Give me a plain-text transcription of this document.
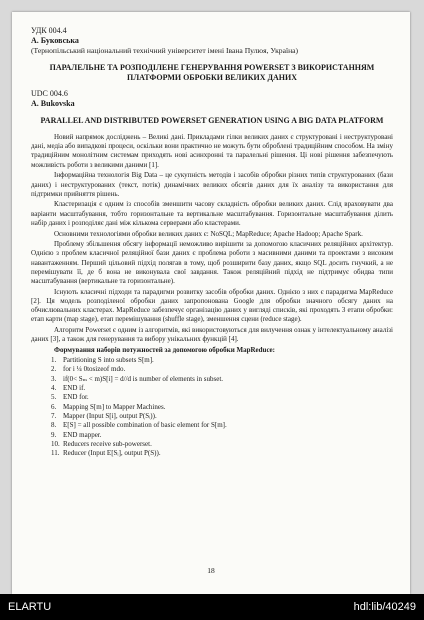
УДК 004.4
А. Буковська
(Тернопільський національний технічний університет імені Івана Пулюя, Україна)
ПАРАЛЕЛЬНЕ ТА РОЗПОДІЛЕНЕ ГЕНЕРУВАННЯ POWERSET З ВИКОРИСТАННЯМ ПЛАТФОРМИ ОБРОБКИ ВЕЛИКИХ ДАНИХ
UDC 004.6
A. Bukovska
PARALLEL AND DISTRIBUTED POWERSET GENERATION USING A BIG DATA PLATFORM

Новий напрямок досліджень – Великі дані. Прикладами гілки великих даних є структуровані і неструктуровані дані, медіа або випадкові процеси, оскільки вони практично не можуть бути оброблені традиційним способом. На зміну традиційним монолітним системам приходять нові асинхронні та паралельні рішення. Ці нові рішення забезпечують можливість роботи з великими даними [1].

Інформаційна технологія Big Data – це сукупність методів і засобів обробки різних типів структурованих (бази даних) і неструктурованих (текст, потік) динамічних великих обсягів даних для їх аналізу та використання для підтримки прийняття рішень.

Кластеризація є одним із способів зменшити часову складність обробки великих даних. Слід враховувати два варіанти масштабування, тобто горизонтальне та вертикальне масштабування. Горизонтальне масштабування ділить набір даних і розподіляє дані між кількома серверами або кластерами.

Основними технологіями обробки великих даних є: NoSQL; MapReduce; Apache Hadoop; Apache Spark.

Проблему збільшення обсягу інформації неможливо вирішити за допомогою класичних реляційних архітектур. Однією з проблем класичної реляційної бази даних є проблема роботи з масивними даними та проектами з високим навантаженням. Перший цільовий підхід полягав в тому, щоб розширити базу даних, якщо SQL досить гнучкий, а не перемішувати її, де б вона не виконувала свої завдання. Також реляційний підхід не підтримує обидва типи масштабування (вертикальне та горизонтальне).

Існують класичні підходи та парадигми розвитку засобів обробки даних. Однією з них є парадигма MapReduce [2]. Ця модель розподіленої обробки даних запропонована Google для обробки значного обсягу даних на обчислювальних кластерах. MapReduce забезпечує організацію даних у вигляді списків, які проходять 3 етапи обробки: етап карти (map stage), етап перемішування (shuffle stage), зменшення сцени (reduce stage).

Алгоритм Powerset є одним із алгоритмів, які використовуються для вилучення ознак у інтелектуальному аналізі даних [3], а також для генерування та вибору унікальних функцій [4].

Формування наборів потужностей за допомогою обробки MapReduce:

1. Partitioning S into subsets S[m].
2. for i ¼ 0tosizeof mdo.
3. if(0< Sₘ < m)S[i] = d//d is number of elements in subset.
4. END if.
5. END for.
6. Mapping S[m] to Mapper Machines.
7. Mapper (Input S[i], output P(Sᵢ)).
8. E[S] = all possible combination of basic element for S[m].
9. END mapper.
10. Reducers receive sub-powerset.
11. Reducer (Input E[Sᵢ], output P(S)).
18
ELARTU	hdl:lib/40249
